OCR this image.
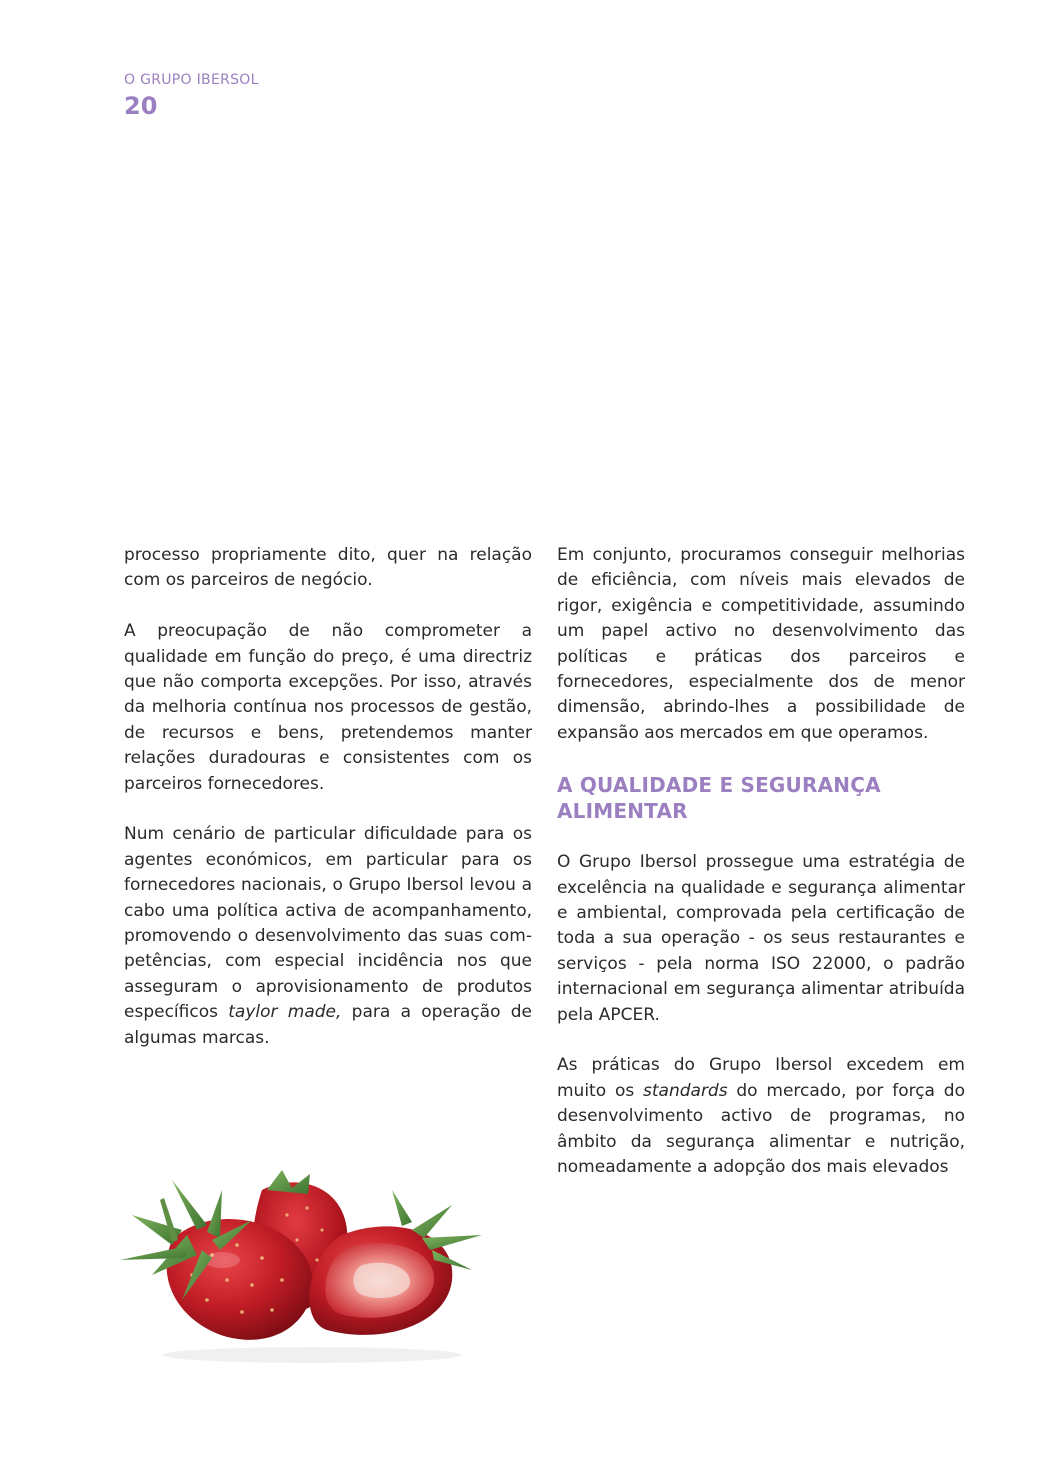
O GRUPO IBERSOL
20

processo propriamente dito, quer na relação com os parceiros de negócio.

A preocupação de não comprometer a qualidade em função do preço, é uma directriz que não comporta excepções. Por isso, através da melhoria contínua nos processos de gestão, de recursos e bens, pretendemos manter relações duradouras e consistentes com os parceiros fornecedores.

Num cenário de particular dificuldade para os agentes económicos, em particular para os fornecedores nacionais, o Grupo Ibersol levou a cabo uma política activa de acompanhamento, promovendo o desenvolvimento das suas com-petências, com especial incidência nos que asseguram o aprovisionamento de produtos específicos taylor made, para a operação de algumas marcas.

Em conjunto, procuramos conseguir melhorias de eficiência, com níveis mais elevados de rigor, exigência e competitividade, assumindo um papel activo no desenvolvimento das políticas e práticas dos parceiros e fornecedores, especialmente dos de menor dimensão, abrindo-lhes a possibilidade de expansão aos mercados em que operamos.

A QUALIDADE E SEGURANÇA
ALIMENTAR

O Grupo Ibersol prossegue uma estratégia de excelência na qualidade e segurança alimentar e ambiental, comprovada pela certificação de toda a sua operação - os seus restaurantes e serviços - pela norma ISO 22000, o padrão internacional em segurança alimentar atribuída pela APCER.

As práticas do Grupo Ibersol excedem em muito os standards do mercado, por força do desenvolvimento activo de programas, no âmbito da segurança alimentar e nutrição, nomeadamente a adopção dos mais elevados
